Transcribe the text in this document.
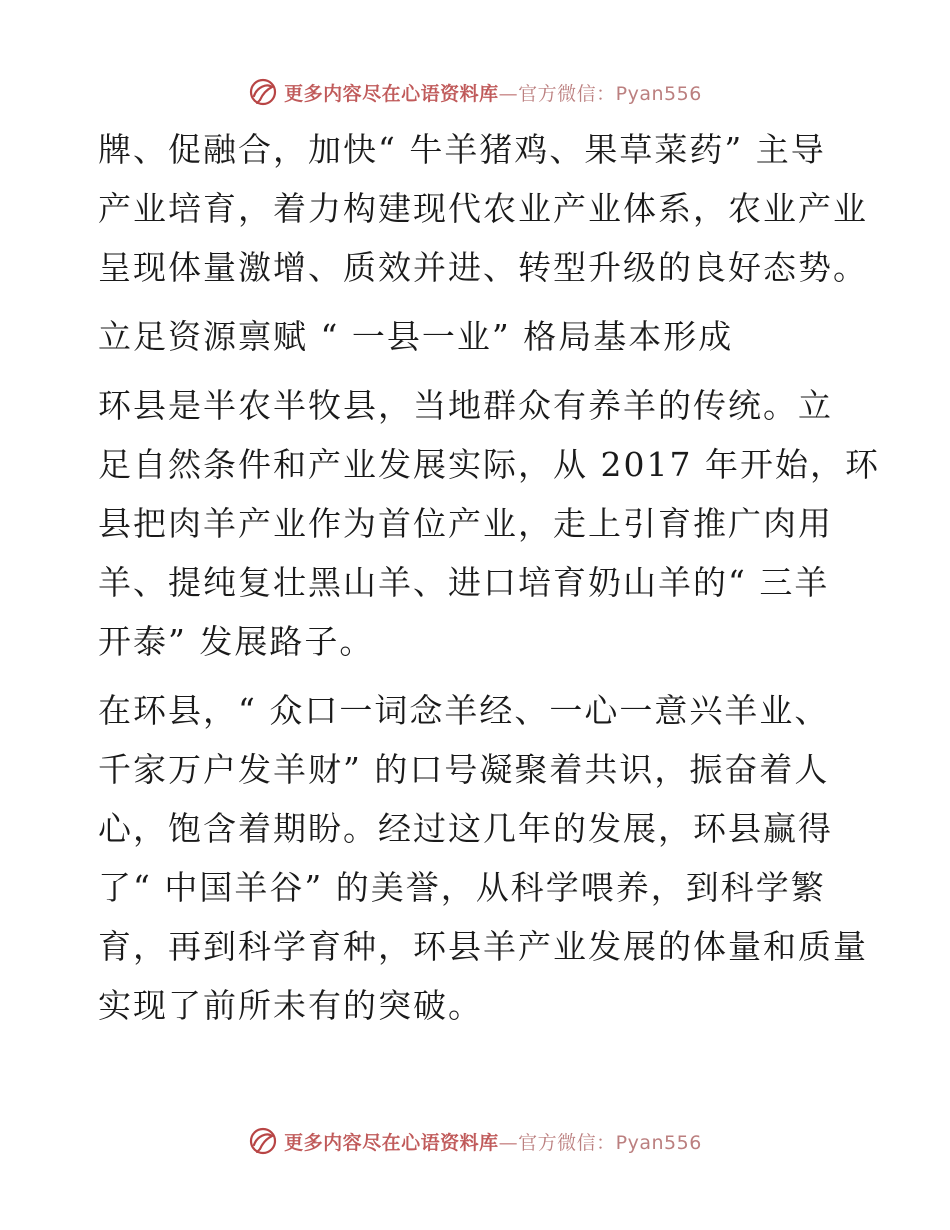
更多内容尽在心语资料库—官方微信：Pyan556

牌、促融合，加快“ 牛羊猪鸡、果草菜药” 主导
产业培育，着力构建现代农业产业体系，农业产业
呈现体量激增、质效并进、转型升级的良好态势。

立足资源禀赋 “ 一县一业” 格局基本形成

环县是半农半牧县，当地群众有养羊的传统。立
足自然条件和产业发展实际，从 2017 年开始，环
县把肉羊产业作为首位产业，走上引育推广肉用
羊、提纯复壮黑山羊、进口培育奶山羊的“ 三羊
开泰” 发展路子。

在环县，“ 众口一词念羊经、一心一意兴羊业、
千家万户发羊财” 的口号凝聚着共识，振奋着人
心，饱含着期盼。经过这几年的发展，环县赢得
了“ 中国羊谷” 的美誉，从科学喂养，到科学繁
育，再到科学育种，环县羊产业发展的体量和质量
实现了前所未有的突破。

更多内容尽在心语资料库—官方微信：Pyan556
